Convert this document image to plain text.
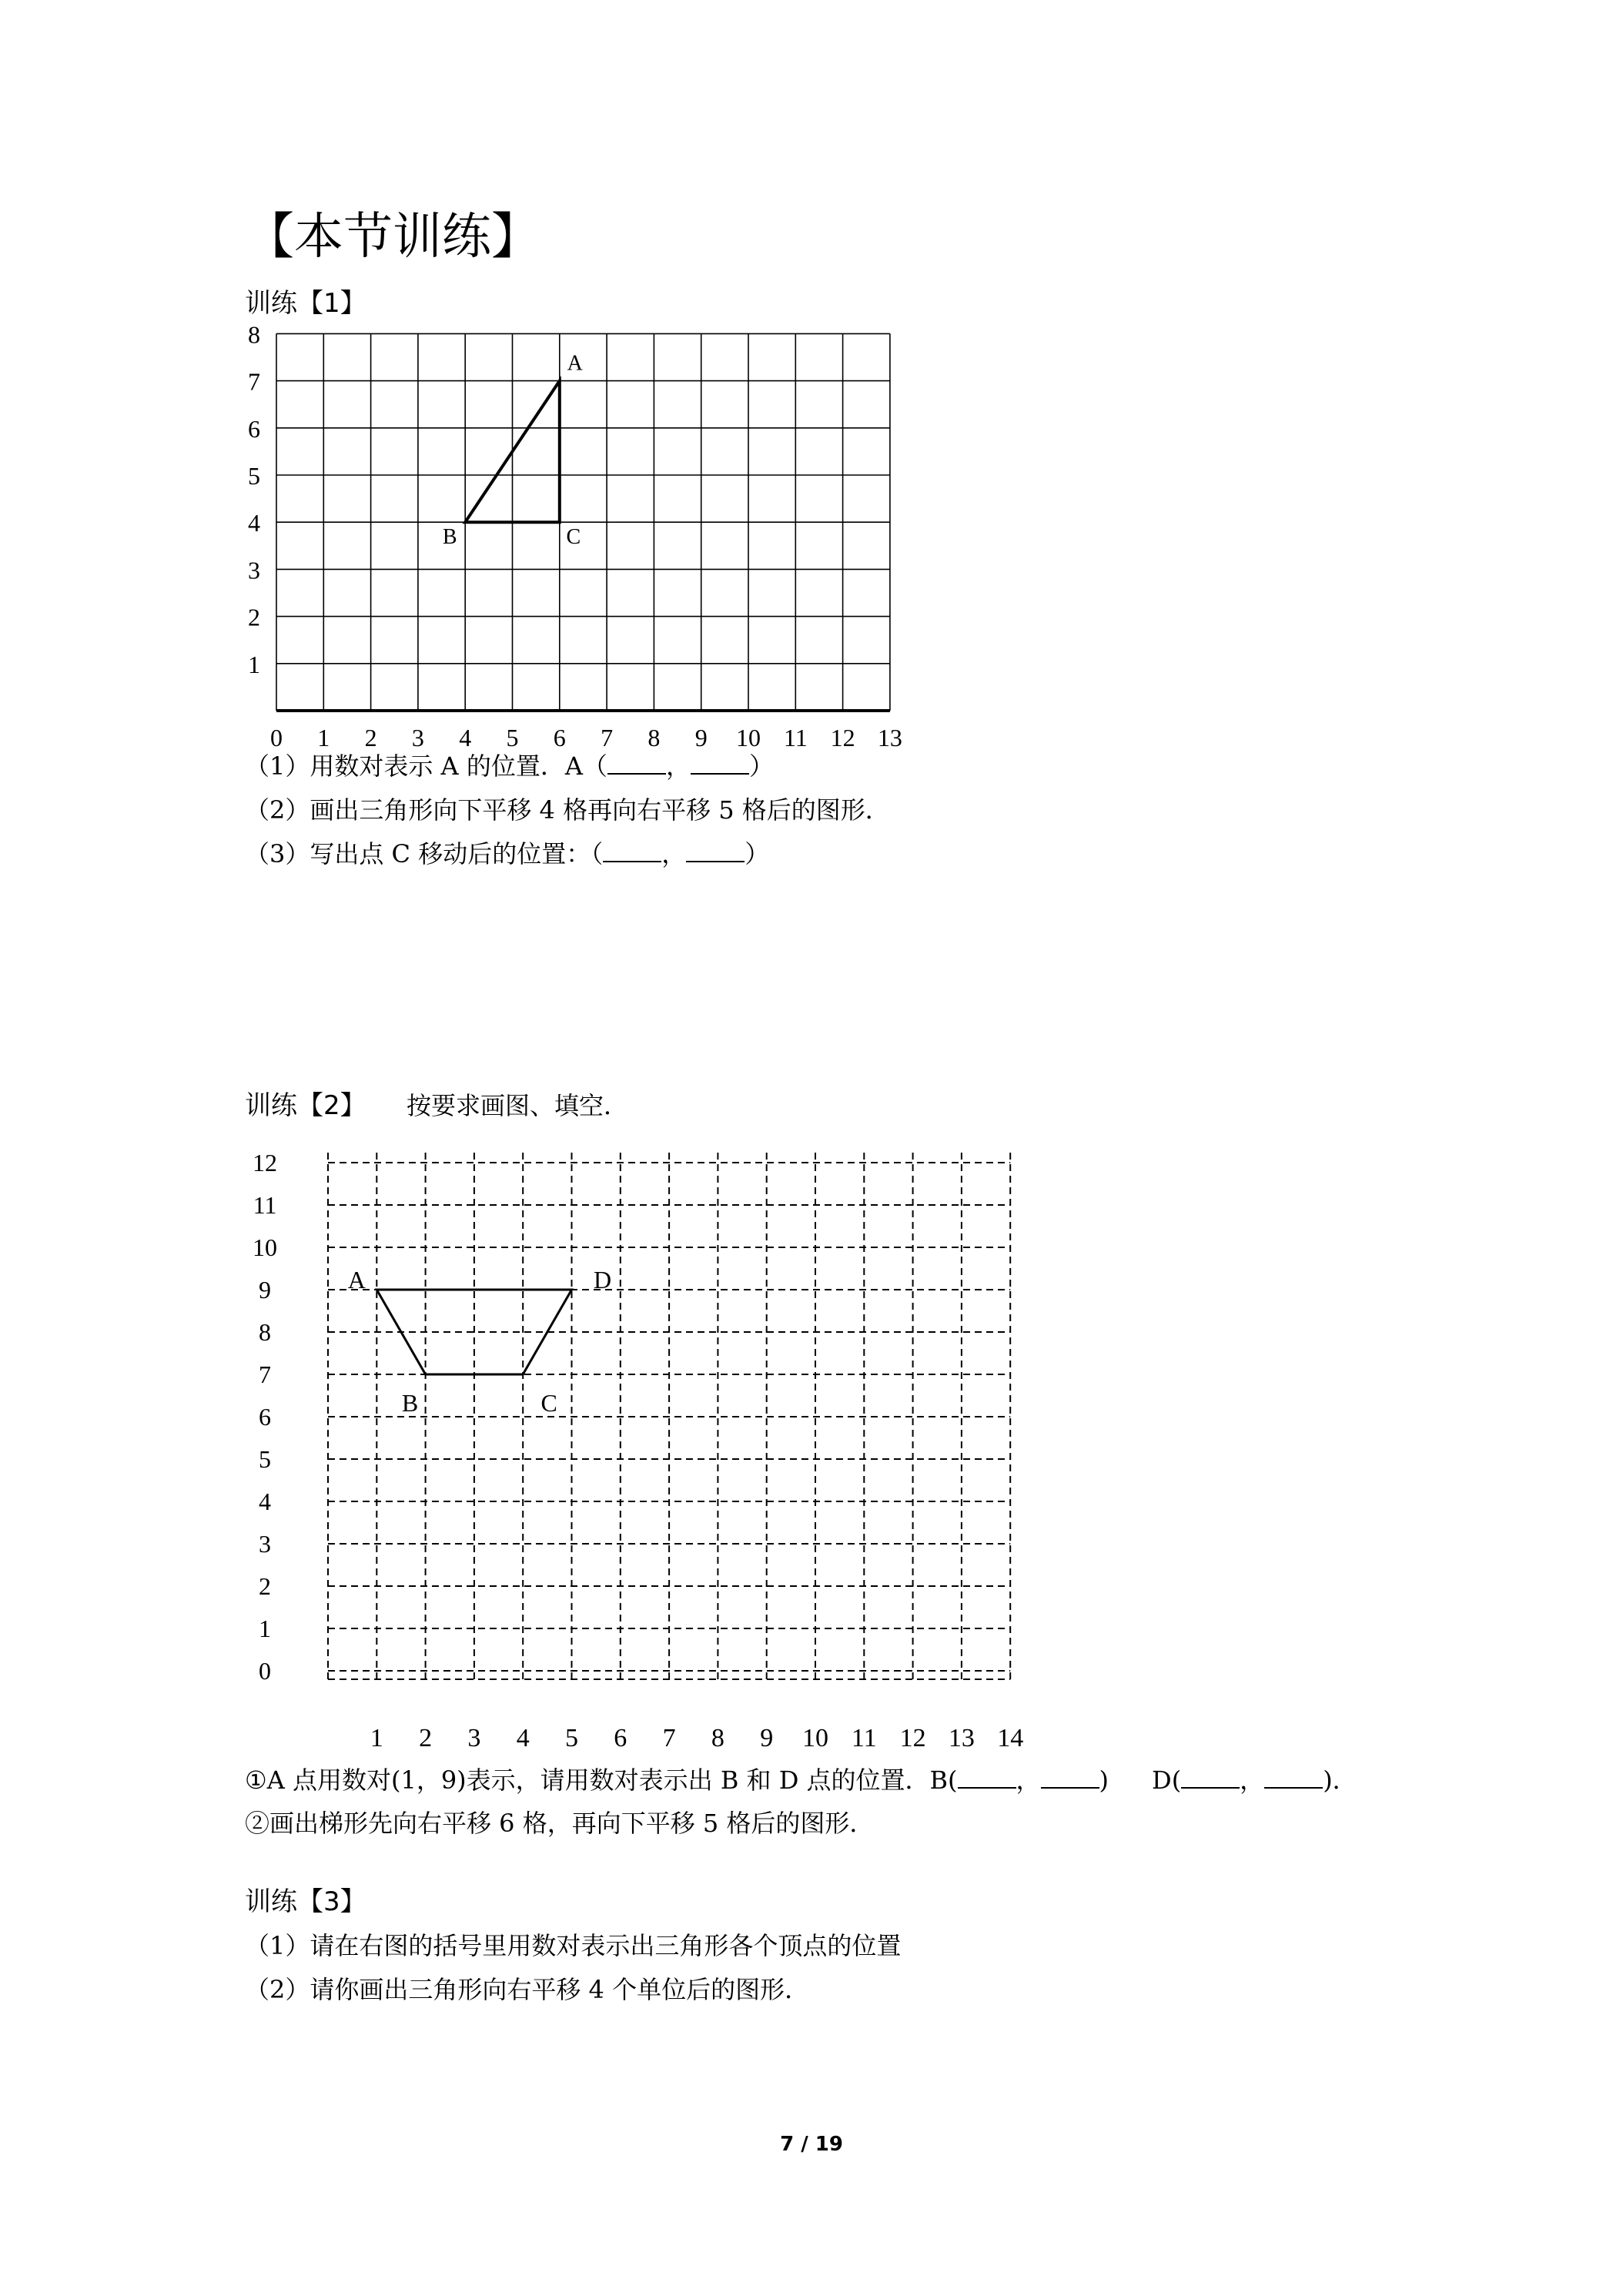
【本节训练】
训练【1】
0 1 2 3 4 5 6 7 8 9 10 11 12 13
1
2
3
4
5
6
7
8
A
B	C
（1）用数对表示 A 的位置．A（ ， ）
（2）画出三角形向下平移 4 格再向右平移 5 格后的图形．
（3）写出点 C 移动后的位置：（ ， ）
训练【2】 按要求画图、填空．
1 2 3 4 5 6 7 8 9 10 11 12 13 14
0
1
2
3
4
5
6
7
8
9
10
11
12
A
B	C
D
①A 点用数对(1，9)表示，请用数对表示出 B 和 D 点的位置．B( ， ) D( ， )．
②画出梯形先向右平移 6 格，再向下平移 5 格后的图形．
训练【3】
（1）请在右图的括号里用数对表示出三角形各个顶点的位置
（2）请你画出三角形向右平移 4 个单位后的图形．
7 / 19
